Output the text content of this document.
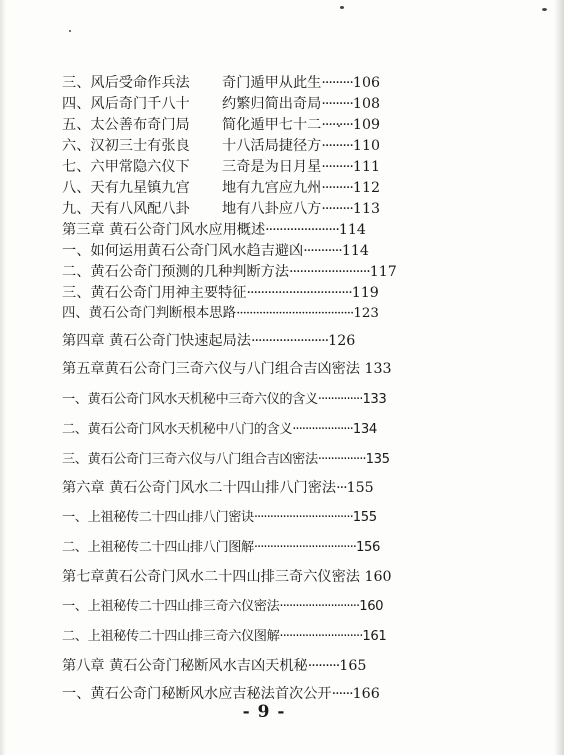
三、风后受命作兵法 奇门遁甲从此生·········106
四、风后奇门千八十 约繁归简出奇局·········108
五、太公善布奇门局 简化遁甲七十二·········109
六、汉初三士有张良 十八活局捷径方·········110
七、六甲常隐六仪下 三奇是为日月星·········111
八、天有九星镇九宫 地有九宫应九州·········112
九、天有八风配八卦 地有八卦应八方·········113
第三章 黄石公奇门风水应用概述·····················114
一、如何运用黄石公奇门风水趋吉避凶···········114
二、黄石公奇门预测的几种判断方法·······················117
三、黄石公奇门用神主要特征······························119
四、黄石公奇门判断根本思路····································123
第四章 黄石公奇门快速起局法······················126
第五章黄石公奇门三奇六仪与八门组合吉凶密法 133
一、黄石公奇门风水天机秘中三奇六仪的含义··············133
二、黄石公奇门风水天机秘中八门的含义···················134
三、黄石公奇门三奇六仪与八门组合吉凶密法···············135
第六章 黄石公奇门风水二十四山排八门密法···155
一、上祖秘传二十四山排八门密诀·······························155
二、上祖秘传二十四山排八门图解································156
第七章黄石公奇门风水二十四山排三奇六仪密法 160
一、上祖秘传二十四山排三奇六仪密法·························160
二、上祖秘传二十四山排三奇六仪图解··························161
第八章 黄石公奇门秘断风水吉凶天机秘·········165
一、黄石公奇门秘断风水应吉秘法首次公开······166
- 9 -
